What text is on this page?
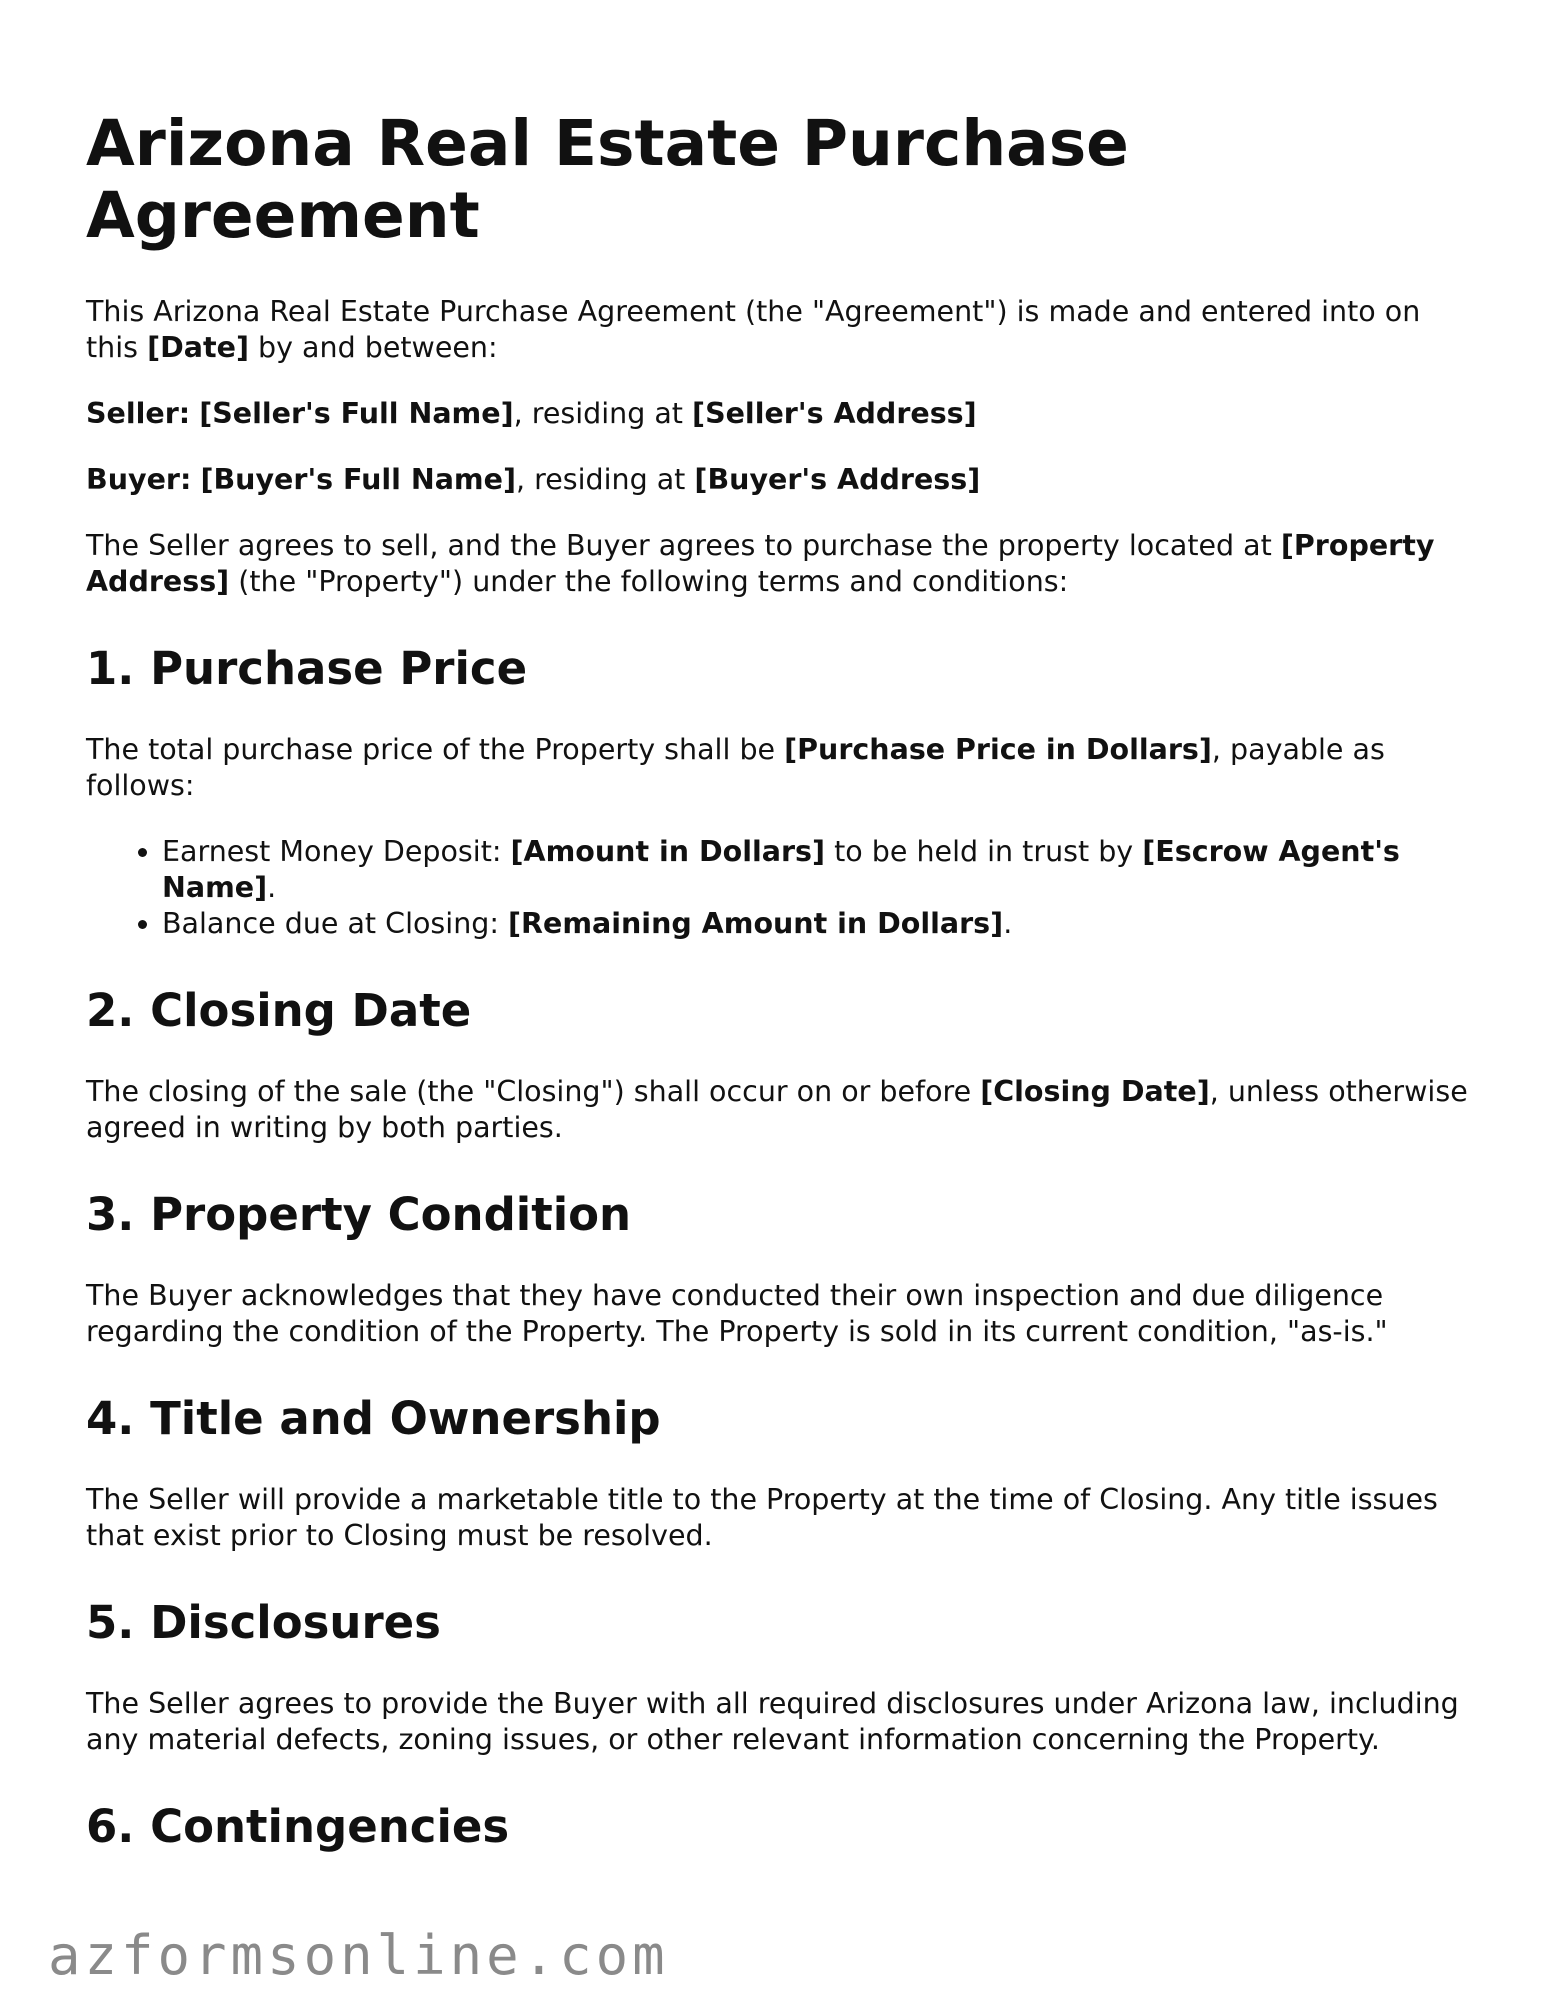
Arizona Real Estate Purchase Agreement

This Arizona Real Estate Purchase Agreement (the "Agreement") is made and entered into on this [Date] by and between:

Seller: [Seller's Full Name], residing at [Seller's Address]

Buyer: [Buyer's Full Name], residing at [Buyer's Address]

The Seller agrees to sell, and the Buyer agrees to purchase the property located at [Property Address] (the "Property") under the following terms and conditions:

1. Purchase Price

The total purchase price of the Property shall be [Purchase Price in Dollars], payable as follows:

• Earnest Money Deposit: [Amount in Dollars] to be held in trust by [Escrow Agent's Name].
• Balance due at Closing: [Remaining Amount in Dollars].
2. Closing Date

The closing of the sale (the "Closing") shall occur on or before [Closing Date], unless otherwise agreed in writing by both parties.

3. Property Condition

The Buyer acknowledges that they have conducted their own inspection and due diligence regarding the condition of the Property. The Property is sold in its current condition, "as-is."

4. Title and Ownership

The Seller will provide a marketable title to the Property at the time of Closing. Any title issues that exist prior to Closing must be resolved.

5. Disclosures

The Seller agrees to provide the Buyer with all required disclosures under Arizona law, including any material defects, zoning issues, or other relevant information concerning the Property.

6. Contingencies
azformsonline.com
